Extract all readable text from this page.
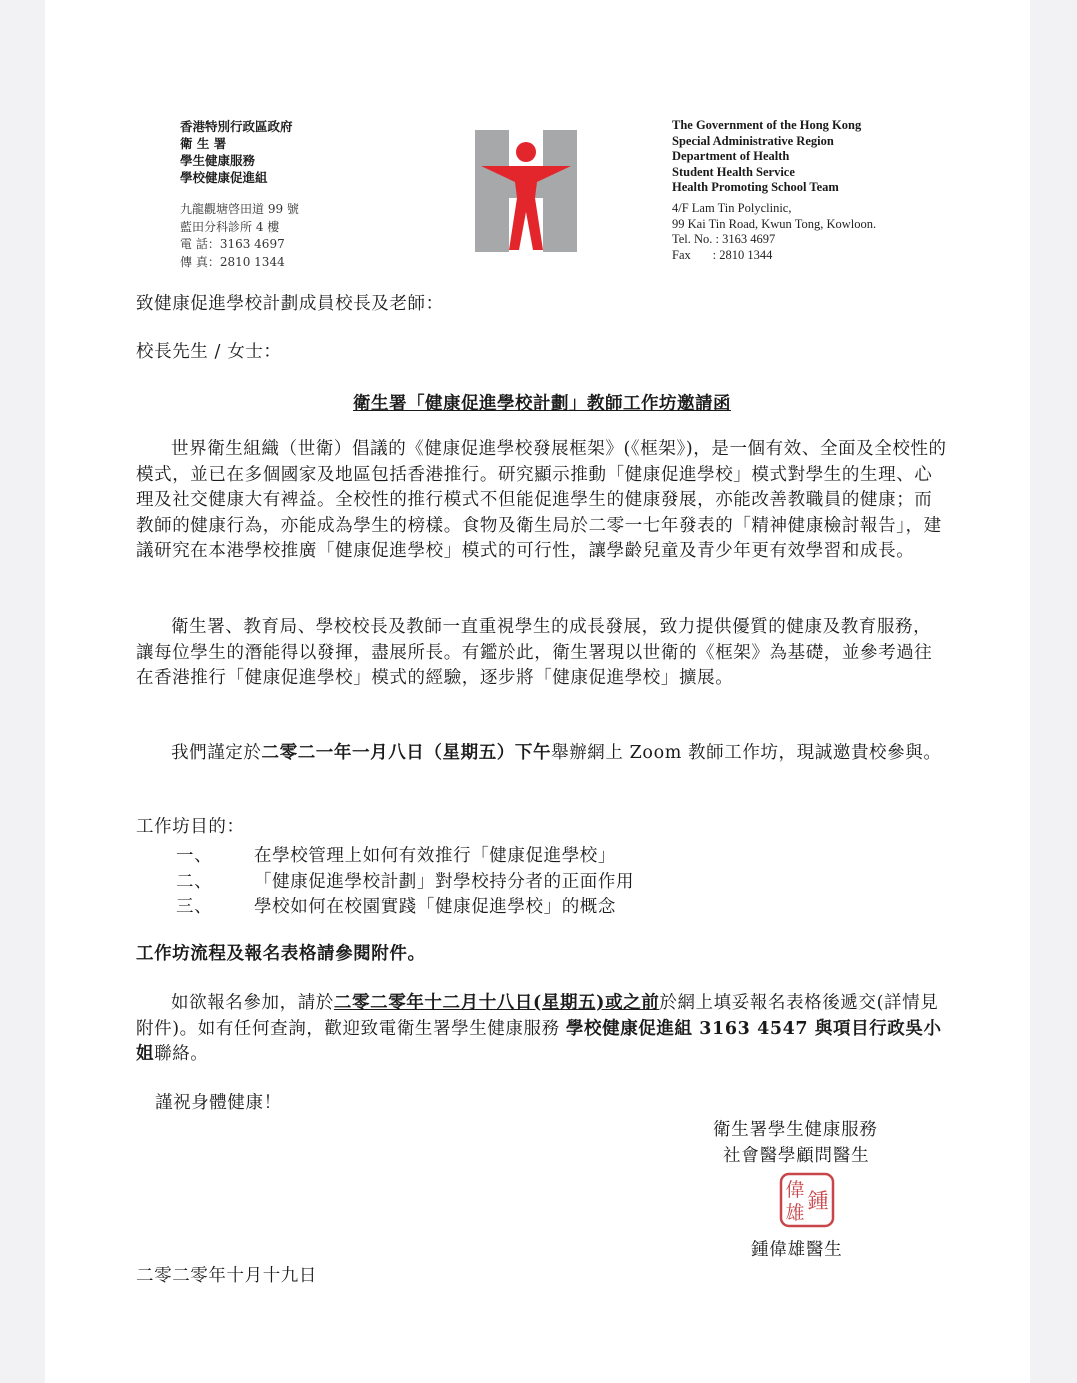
香港特別行政區政府
衛 生 署
學生健康服務
學校健康促進組
九龍觀塘啓田道 99 號
藍田分科診所 4 樓
電 話：3163 4697
傳 真：2810 1344
The Government of the Hong Kong
Special Administrative Region
Department of Health
Student Health Service
Health Promoting School Team
4/F Lam Tin Polyclinic,
99 Kai Tin Road, Kwun Tong, Kowloon.
Tel. No. : 3163 4697
Fax       : 2810 1344
致健康促進學校計劃成員校長及老師：
校長先生 / 女士：
衛生署「健康促進學校計劃」教師工作坊邀請函

世界衛生組織（世衛）倡議的《健康促進學校發展框架》(《框架》)，是一個有效、全面及全校性的模式，並已在多個國家及地區包括香港推行。研究顯示推動「健康促進學校」模式對學生的生理、心理及社交健康大有裨益。全校性的推行模式不但能促進學生的健康發展，亦能改善教職員的健康；而教師的健康行為，亦能成為學生的榜樣。食物及衛生局於二零一七年發表的「精神健康檢討報告」，建議研究在本港學校推廣「健康促進學校」模式的可行性，讓學齡兒童及青少年更有效學習和成長。

衛生署、教育局、學校校長及教師一直重視學生的成長發展，致力提供優質的健康及教育服務，讓每位學生的潛能得以發揮，盡展所長。有鑑於此，衛生署現以世衛的《框架》為基礎，並參考過往在香港推行「健康促進學校」模式的經驗，逐步將「健康促進學校」擴展。

我們謹定於二零二一年一月八日（星期五）下午舉辦網上 Zoom 教師工作坊，現誠邀貴校參與。

工作坊目的：
一、 在學校管理上如何有效推行「健康促進學校」
二、 「健康促進學校計劃」對學校持分者的正面作用
三、 學校如何在校園實踐「健康促進學校」的概念
工作坊流程及報名表格請參閱附件。

如欲報名參加，請於二零二零年十二月十八日(星期五)或之前於網上填妥報名表格後遞交(詳情見附件)。如有任何查詢，歡迎致電衛生署學生健康服務 學校健康促進組 3163 4547 與項目行政吳小姐聯絡。

謹祝身體健康！
衛生署學生健康服務
社會醫學顧問醫生
偉 鍾
雄
鍾偉雄醫生
二零二零年十月十九日
